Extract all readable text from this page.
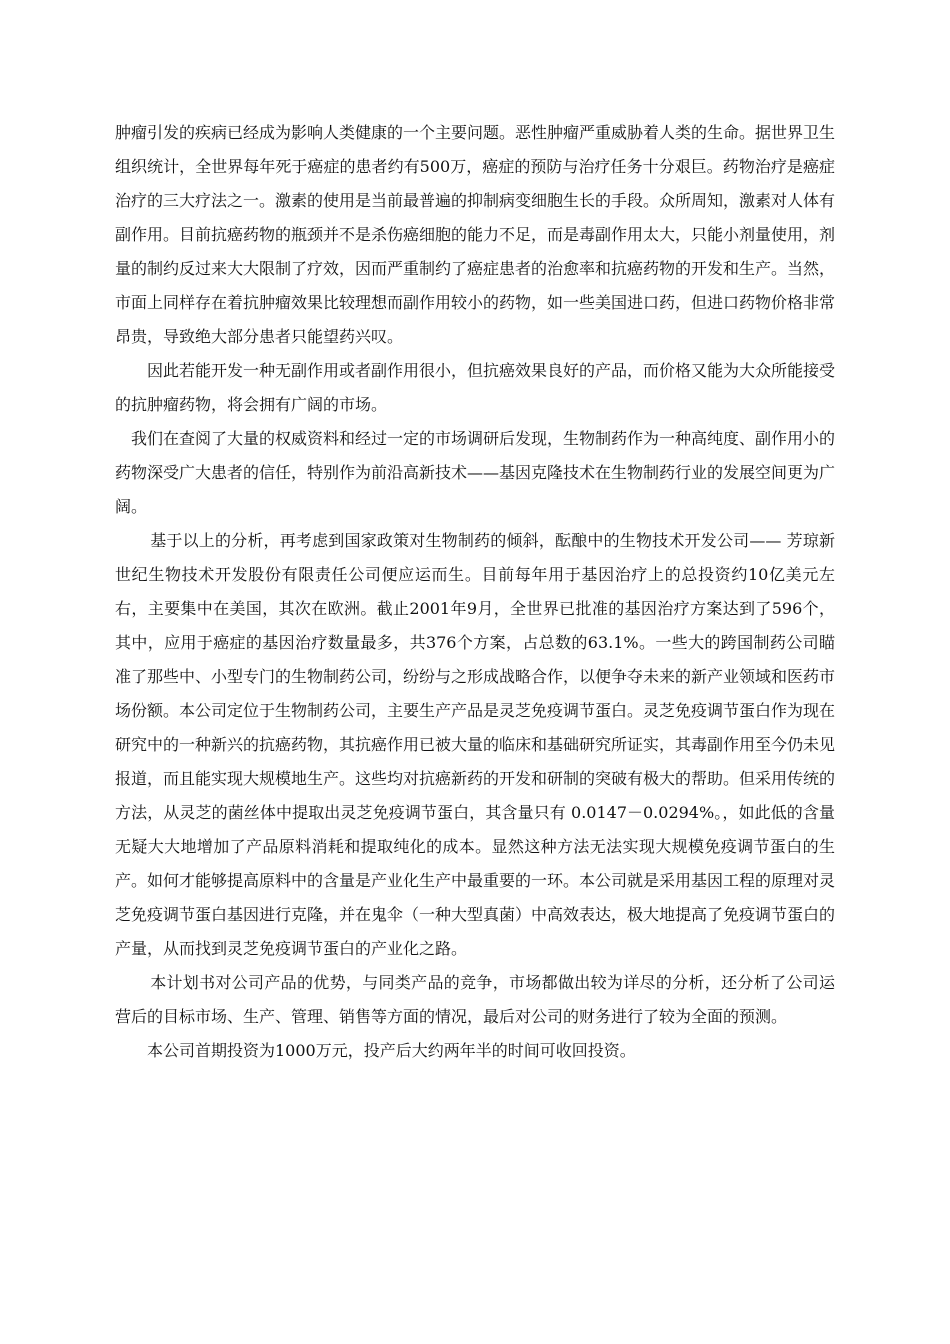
肿瘤引发的疾病已经成为影响人类健康的一个主要问题。恶性肿瘤严重威胁着人类的生命。据世界卫生组织统计，全世界每年死于癌症的患者约有500万，癌症的预防与治疗任务十分艰巨。药物治疗是癌症治疗的三大疗法之一。激素的使用是当前最普遍的抑制病变细胞生长的手段。众所周知，激素对人体有副作用。目前抗癌药物的瓶颈并不是杀伤癌细胞的能力不足，而是毒副作用太大，只能小剂量使用，剂量的制约反过来大大限制了疗效，因而严重制约了癌症患者的治愈率和抗癌药物的开发和生产。当然，市面上同样存在着抗肿瘤效果比较理想而副作用较小的药物，如一些美国进口药，但进口药物价格非常昂贵，导致绝大部分患者只能望药兴叹。

因此若能开发一种无副作用或者副作用很小，但抗癌效果良好的产品，而价格又能为大众所能接受的抗肿瘤药物，将会拥有广阔的市场。

我们在查阅了大量的权威资料和经过一定的市场调研后发现，生物制药作为一种高纯度、副作用小的药物深受广大患者的信任，特别作为前沿高新技术——基因克隆技术在生物制药行业的发展空间更为广阔。

基于以上的分析，再考虑到国家政策对生物制药的倾斜，酝酿中的生物技术开发公司—— 芳琼新世纪生物技术开发股份有限责任公司便应运而生。目前每年用于基因治疗上的总投资约10亿美元左右，主要集中在美国，其次在欧洲。截止2001年9月，全世界已批准的基因治疗方案达到了596个，其中，应用于癌症的基因治疗数量最多，共376个方案，占总数的63.1%。一些大的跨国制药公司瞄准了那些中、小型专门的生物制药公司，纷纷与之形成战略合作，以便争夺未来的新产业领域和医药市场份额。本公司定位于生物制药公司，主要生产产品是灵芝免疫调节蛋白。灵芝免疫调节蛋白作为现在研究中的一种新兴的抗癌药物，其抗癌作用已被大量的临床和基础研究所证实，其毒副作用至今仍未见报道，而且能实现大规模地生产。这些均对抗癌新药的开发和研制的突破有极大的帮助。但采用传统的方法，从灵芝的菌丝体中提取出灵芝免疫调节蛋白，其含量只有 0.0147－0.0294%。，如此低的含量无疑大大地增加了产品原料消耗和提取纯化的成本。显然这种方法无法实现大规模免疫调节蛋白的生产。如何才能够提高原料中的含量是产业化生产中最重要的一环。本公司就是采用基因工程的原理对灵芝免疫调节蛋白基因进行克隆，并在鬼伞（一种大型真菌）中高效表达，极大地提高了免疫调节蛋白的产量，从而找到灵芝免疫调节蛋白的产业化之路。

本计划书对公司产品的优势，与同类产品的竞争，市场都做出较为详尽的分析，还分析了公司运营后的目标市场、生产、管理、销售等方面的情况，最后对公司的财务进行了较为全面的预测。

本公司首期投资为1000万元，投产后大约两年半的时间可收回投资。
